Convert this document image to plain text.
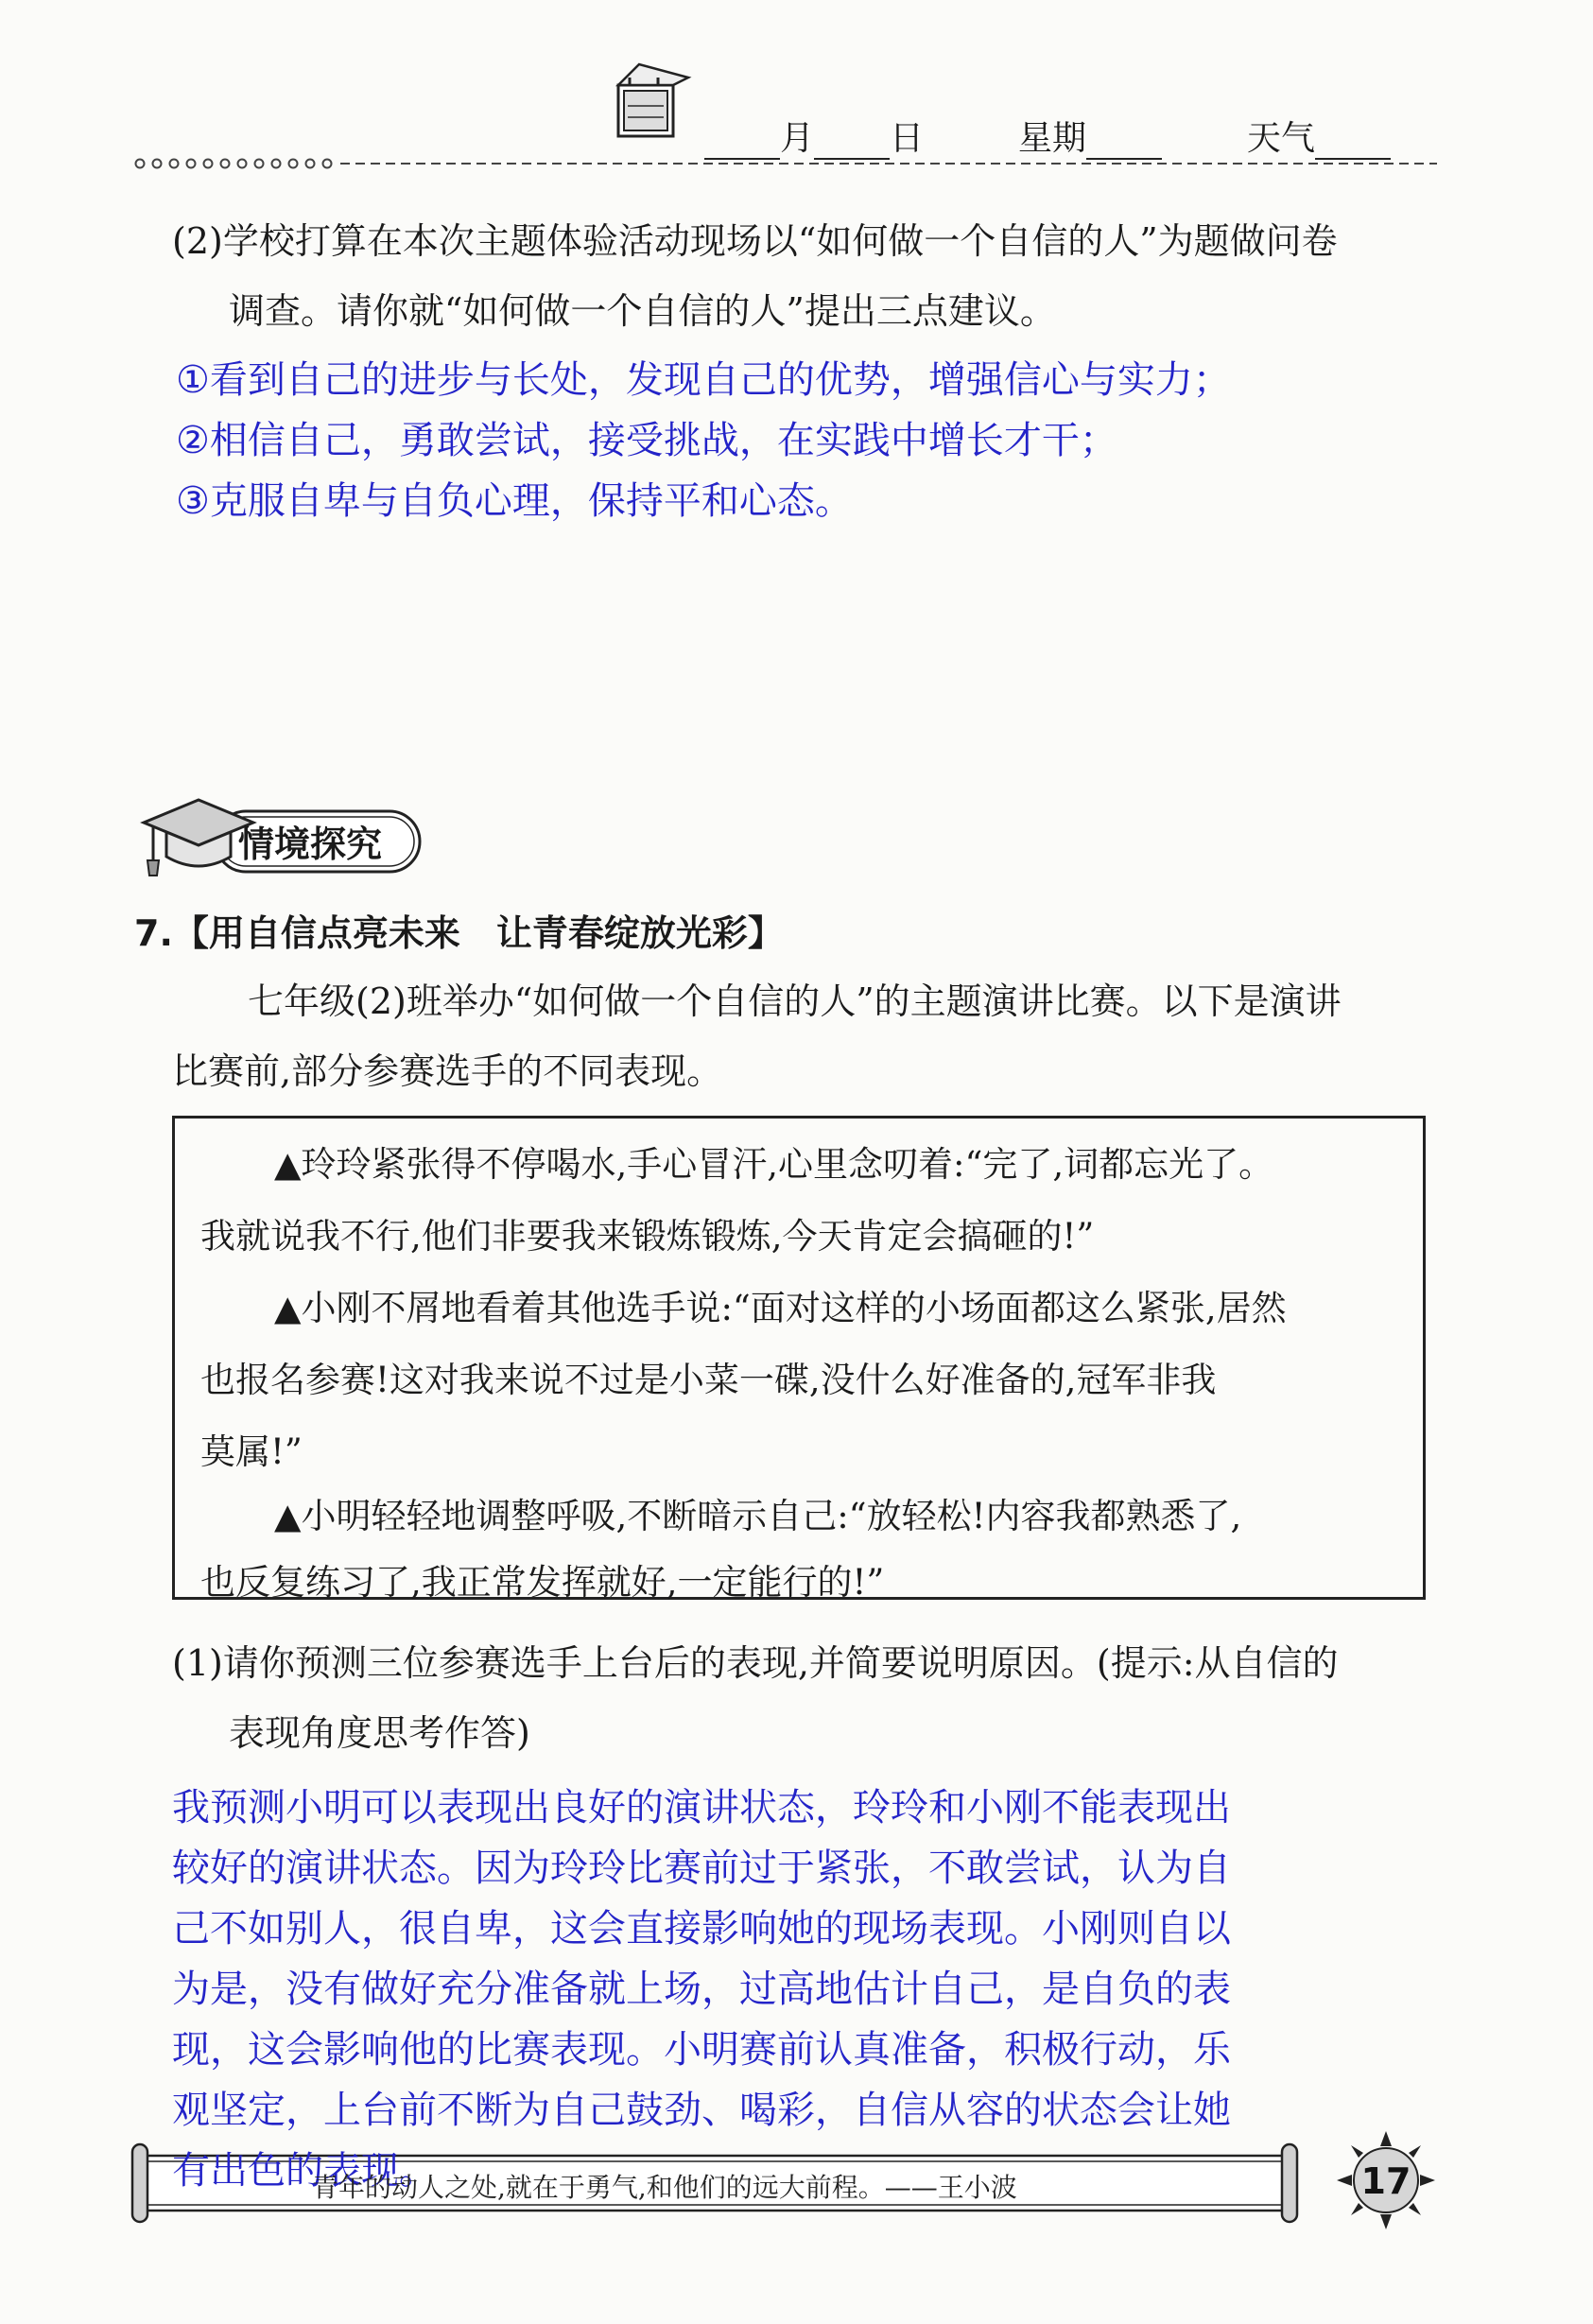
月 日	星期	天气
(2)学校打算在本次主题体验活动现场以“如何做一个自信的人”为题做问卷
调查。请你就“如何做一个自信的人”提出三点建议。
①看到自己的进步与长处，发现自己的优势，增强信心与实力；
②相信自己，勇敢尝试，接受挑战，在实践中增长才干；
③克服自卑与自负心理，保持平和心态。
情境探究
7.【用自信点亮未来　让青春绽放光彩】
七年级(2)班举办“如何做一个自信的人”的主题演讲比赛。以下是演讲
比赛前,部分参赛选手的不同表现。
▲玲玲紧张得不停喝水,手心冒汗,心里念叨着:“完了,词都忘光了。
我就说我不行,他们非要我来锻炼锻炼,今天肯定会搞砸的!”
▲小刚不屑地看着其他选手说:“面对这样的小场面都这么紧张,居然
也报名参赛!这对我来说不过是小菜一碟,没什么好准备的,冠军非我
莫属!”
▲小明轻轻地调整呼吸,不断暗示自己:“放轻松!内容我都熟悉了,
也反复练习了,我正常发挥就好,一定能行的!”
(1)请你预测三位参赛选手上台后的表现,并简要说明原因。(提示:从自信的
表现角度思考作答)
我预测小明可以表现出良好的演讲状态，玲玲和小刚不能表现出
较好的演讲状态。因为玲玲比赛前过于紧张，不敢尝试，认为自
己不如别人，很自卑，这会直接影响她的现场表现。小刚则自以
为是，没有做好充分准备就上场，过高地估计自己，是自负的表
现，这会影响他的比赛表现。小明赛前认真准备，积极行动，乐
观坚定，上台前不断为自己鼓劲、喝彩，自信从容的状态会让她
有出色的表现。
青年的动人之处,就在于勇气,和他们的远大前程。——王小波	17
